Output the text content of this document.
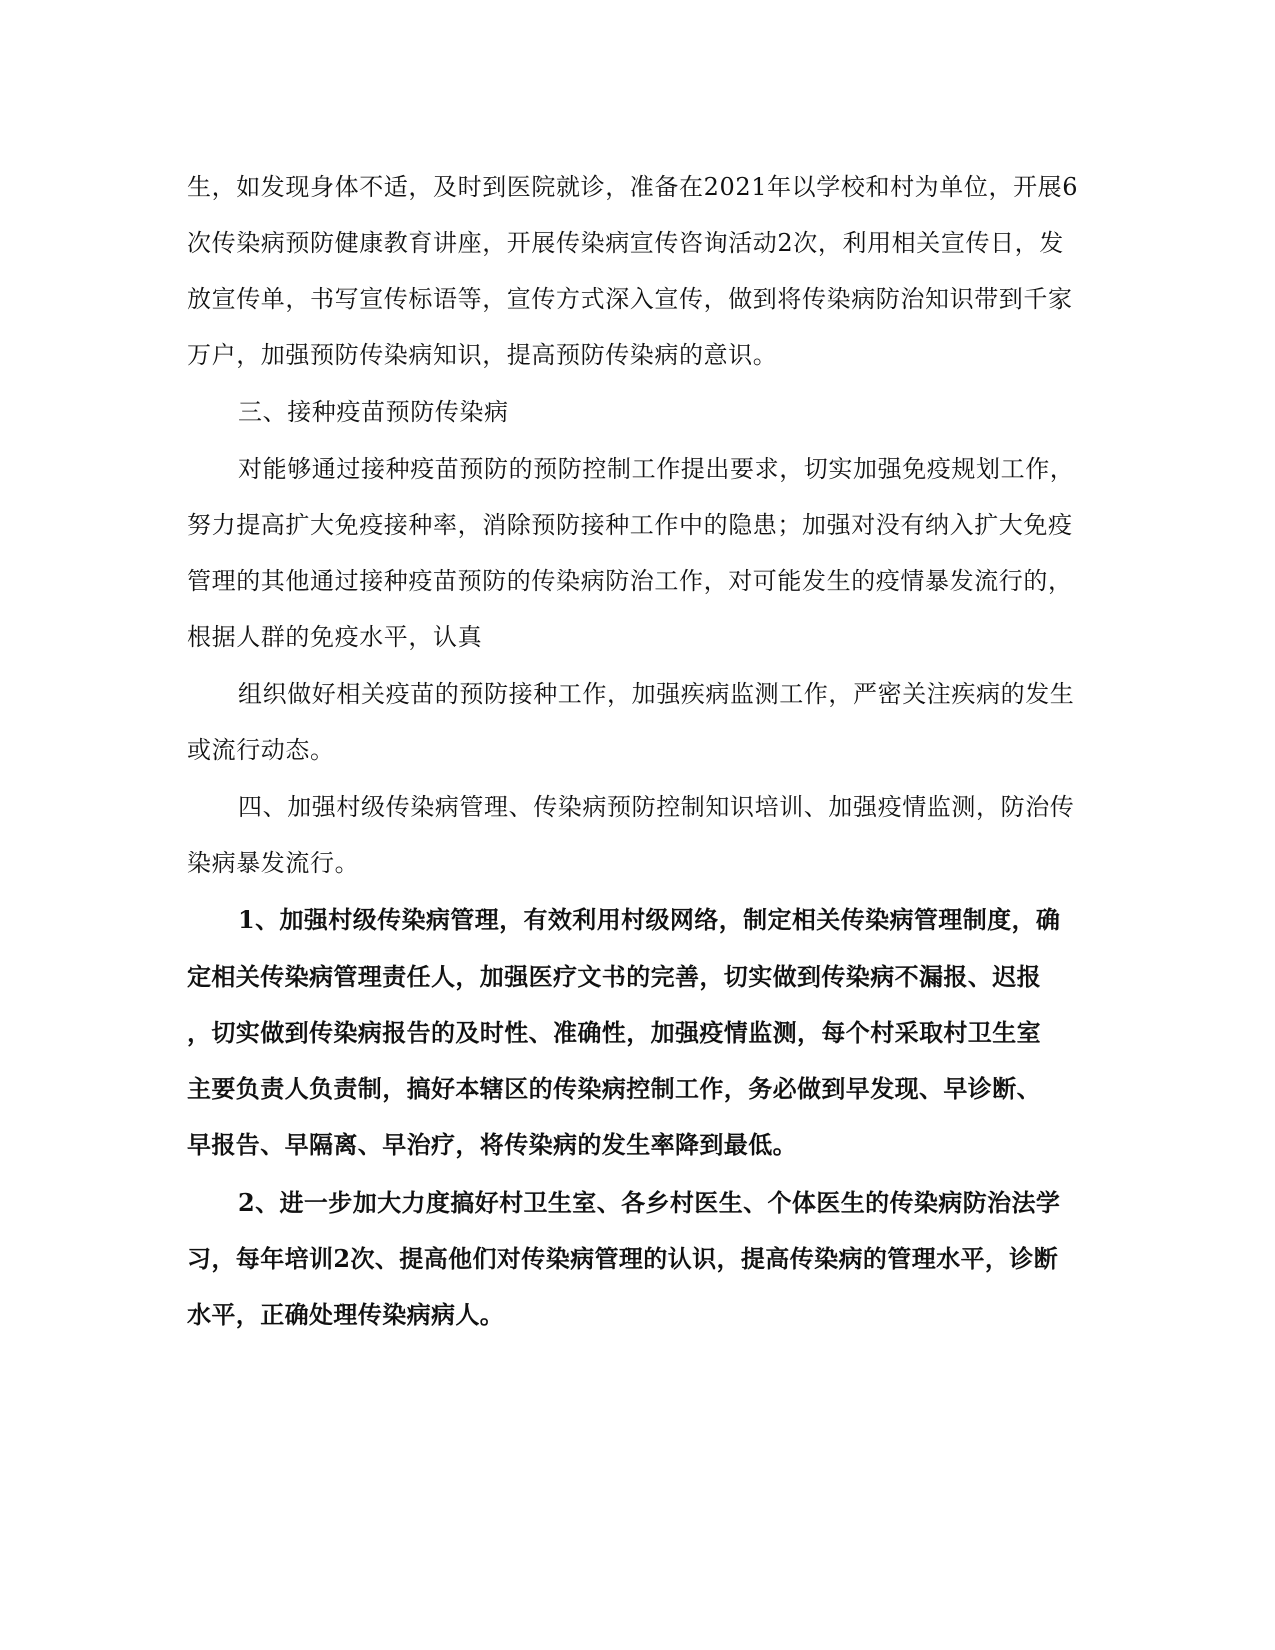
生，如发现身体不适，及时到医院就诊，准备在2021年以学校和村为单位，开展6
次传染病预防健康教育讲座，开展传染病宣传咨询活动2次，利用相关宣传日，发
放宣传单，书写宣传标语等，宣传方式深入宣传，做到将传染病防治知识带到千家
万户，加强预防传染病知识，提高预防传染病的意识。
三、接种疫苗预防传染病
对能够通过接种疫苗预防的预防控制工作提出要求，切实加强免疫规划工作，
努力提高扩大免疫接种率，消除预防接种工作中的隐患；加强对没有纳入扩大免疫
管理的其他通过接种疫苗预防的传染病防治工作，对可能发生的疫情暴发流行的，
根据人群的免疫水平，认真
组织做好相关疫苗的预防接种工作，加强疾病监测工作，严密关注疾病的发生
或流行动态。
四、加强村级传染病管理、传染病预防控制知识培训、加强疫情监测，防治传
染病暴发流行。
1、加强村级传染病管理，有效利用村级网络，制定相关传染病管理制度，确
定相关传染病管理责任人，加强医疗文书的完善，切实做到传染病不漏报、迟报
，切实做到传染病报告的及时性、准确性，加强疫情监测，每个村采取村卫生室
主要负责人负责制，搞好本辖区的传染病控制工作，务必做到早发现、早诊断、
早报告、早隔离、早治疗，将传染病的发生率降到最低。
2、进一步加大力度搞好村卫生室、各乡村医生、个体医生的传染病防治法学
习，每年培训2次、提高他们对传染病管理的认识，提高传染病的管理水平，诊断
水平，正确处理传染病病人。
